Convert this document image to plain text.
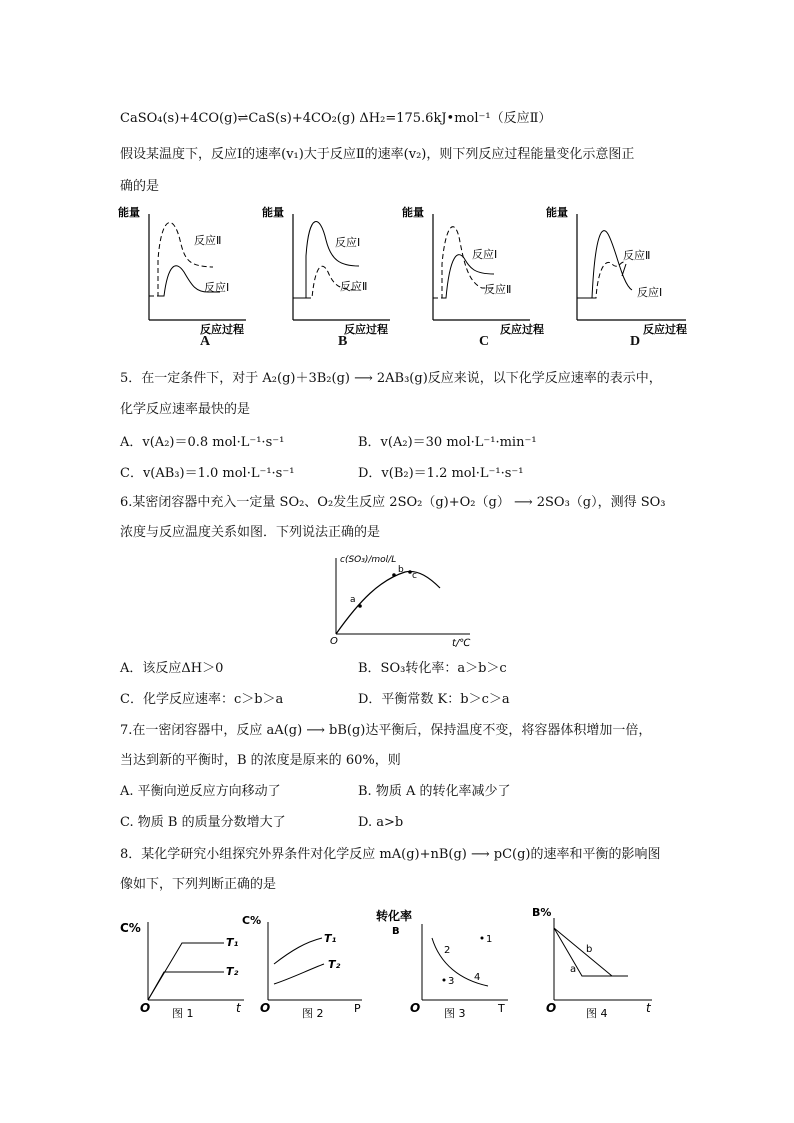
CaSO₄(s)+4CO(g)⇌CaS(s)+4CO₂(g) ΔH₂=175.6kJ•mol⁻¹（反应Ⅱ）
假设某温度下，反应Ⅰ的速率(v₁)大于反应Ⅱ的速率(v₂)，则下列反应过程能量变化示意图正
确的是
能量
反应过程
反应Ⅱ
反应Ⅰ
A
能量
反应过程
反应Ⅰ
反应Ⅱ
B
能量
反应过程
反应Ⅰ
反应Ⅱ
C
能量
反应过程
反应Ⅱ
反应Ⅰ
D
5．在一定条件下，对于 A₂(g)＋3B₂(g) ⟶ 2AB₃(g)反应来说，以下化学反应速率的表示中，
化学反应速率最快的是
A．v(A₂)＝0.8 mol·L⁻¹·s⁻¹	B．v(A₂)＝30 mol·L⁻¹·min⁻¹
C．v(AB₃)＝1.0 mol·L⁻¹·s⁻¹	D．v(B₂)＝1.2 mol·L⁻¹·s⁻¹
6.某密闭容器中充入一定量 SO₂、O₂发生反应 2SO₂（g)+O₂（g） ⟶ 2SO₃（g），测得 SO₃
浓度与反应温度关系如图．下列说法正确的是
c(SO₃)/mol/L
t/℃
O
a
b
c
A．该反应ΔH＞0	B．SO₃转化率：a＞b＞c
C．化学反应速率：c＞b＞a	D．平衡常数 K：b＞c＞a
7.在一密闭容器中，反应 aA(g) ⟶ bB(g)达平衡后，保持温度不变，将容器体积增加一倍，
当达到新的平衡时，B 的浓度是原来的 60%，则
A. 平衡向逆反应方向移动了	B. 物质 A 的转化率减少了
C. 物质 B 的质量分数增大了	D. a>b
8．某化学研究小组探究外界条件对化学反应 mA(g)+nB(g) ⟶ pC(g)的速率和平衡的影响图
像如下，下列判断正确的是
C%
T₁
T₂
O	t
图 1
C%
T₁
T₂
O	P
图 2
转化率
B
1
2
3 4
O	T
图 3
B%
a
b
O	t
图 4
